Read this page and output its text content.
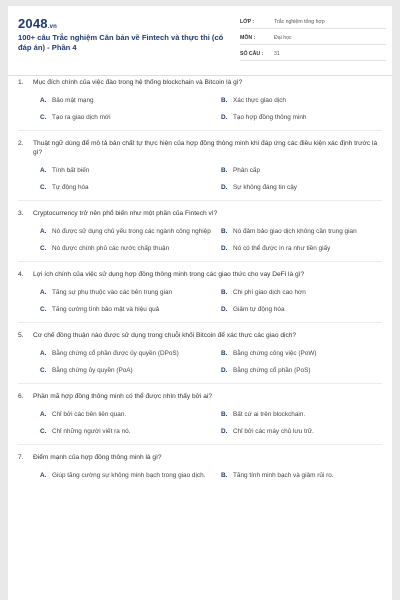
2048.vn
100+ câu Trắc nghiệm Căn bản về Fintech và thực thi (có đáp án) - Phần 4
LỚP :	Trắc nghiệm tổng hợp
MÔN :	Đại học
SỐ CÂU :	31
1.	Mục đích chính của việc đào trong hệ thống blockchain và Bitcoin là gì?
A. Bảo mật mạng	B. Xác thực giao dịch
C. Tạo ra giao dịch mới	D. Tạo hợp đồng thông minh
2.	Thuật ngữ dùng để mô tả bản chất tự thực hiện của hợp đồng thông minh khi đáp ứng các điều kiện xác định trước là gì?
A. Tính bất biến	B. Phân cấp
C. Tự động hóa	D. Sự không đáng tin cậy
3.	Cryptocurrency trở nên phổ biến như một phần của Fintech vì?
A. Nó được sử dụng chủ yếu trong các ngành công nghiệp	B. Nó đảm bảo giao dịch không cần trung gian
C. Nó được chính phủ các nước chấp thuận	D. Nó có thể được in ra như tiền giấy
4.	Lợi ích chính của việc sử dụng hợp đồng thông minh trong các giao thức cho vay DeFi là gì?
A. Tăng sự phụ thuộc vào các bên trung gian	B. Chi phí giao dịch cao hơn
C. Tăng cường tính bảo mật và hiệu quả	D. Giảm tự động hóa
5.	Cơ chế đồng thuận nào được sử dụng trong chuỗi khối Bitcoin để xác thực các giao dịch?
A. Bằng chứng cổ phần được ủy quyền (DPoS)	B. Bằng chứng công việc (PoW)
C. Bằng chứng ủy quyền (PoA)	D. Bằng chứng cổ phần (PoS)
6.	Phần mã hợp đồng thông minh có thể được nhìn thấy bởi ai?
A. Chỉ bởi các bên liên quan.	B. Bất cứ ai trên blockchain.
C. Chỉ những người viết ra nó.	D. Chỉ bởi các máy chủ lưu trữ.
7.	Điểm mạnh của hợp đồng thông minh là gì?
A. Giúp tăng cường sự không minh bạch trong giao dịch.	B. Tăng tính minh bạch và giảm rủi ro.
